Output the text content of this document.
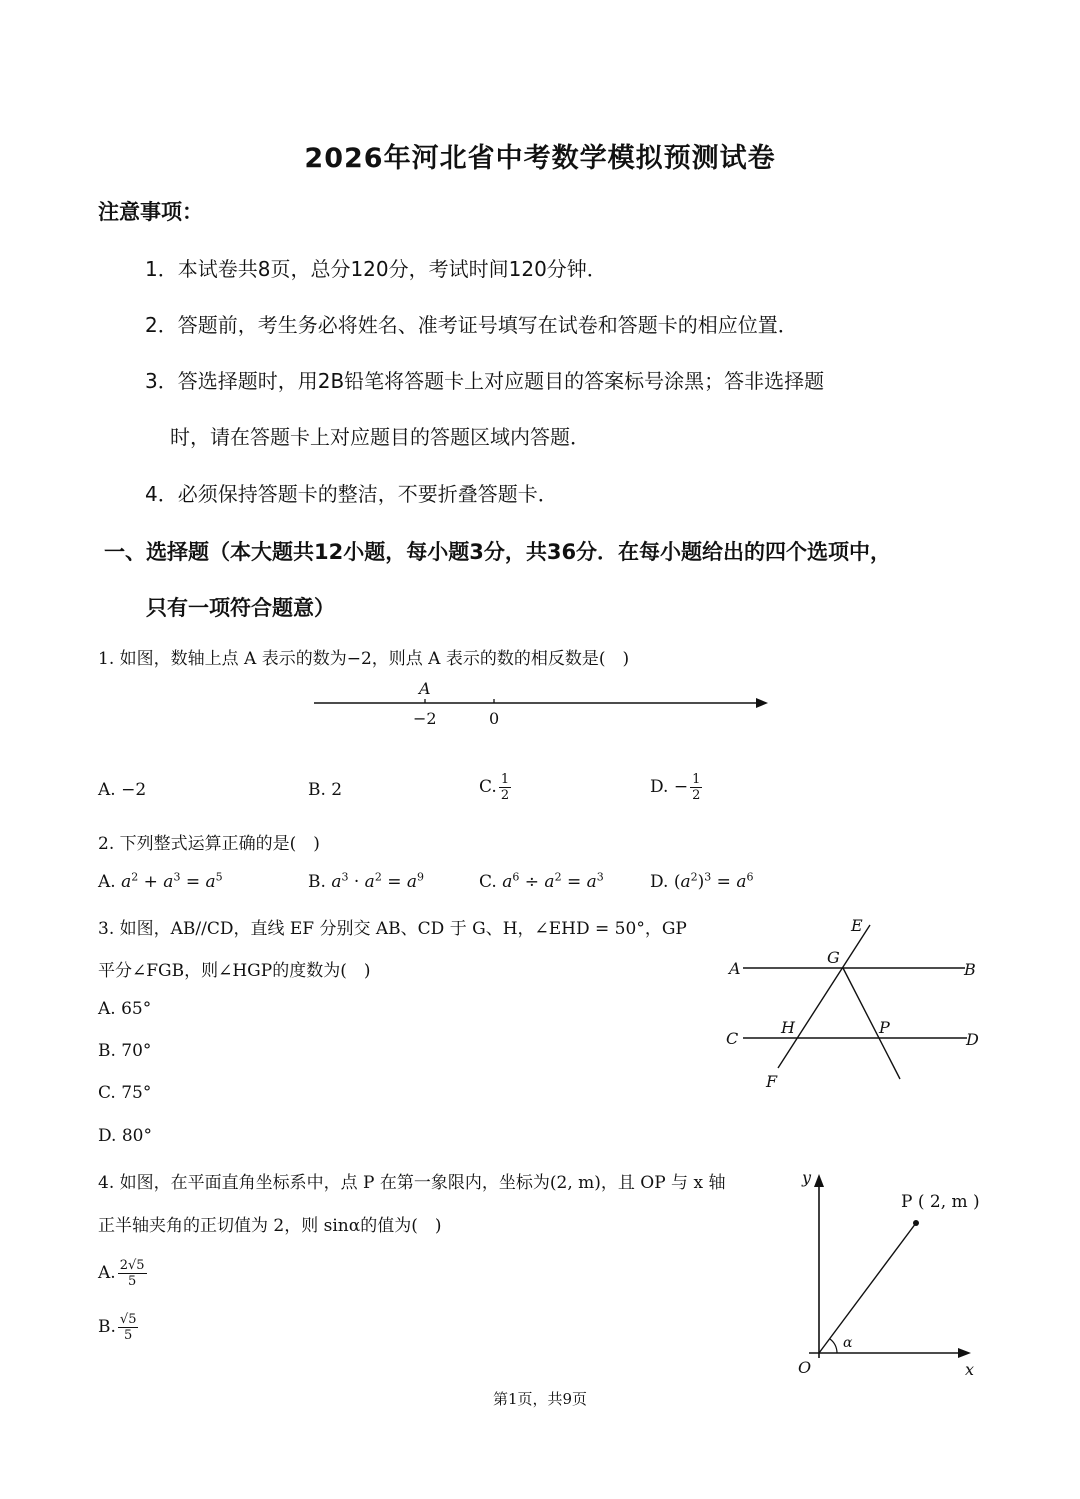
2026年河北省中考数学模拟预测试卷
注意事项：
1．本试卷共8页，总分120分，考试时间120分钟．
2．答题前，考生务必将姓名、准考证号填写在试卷和答题卡的相应位置．
3．答选择题时，用2B铅笔将答题卡上对应题目的答案标号涂黑；答非选择题
时，请在答题卡上对应题目的答题区域内答题．
4．必须保持答题卡的整洁，不要折叠答题卡．
一、选择题（本大题共12小题，每小题3分，共36分．在每小题给出的四个选项中，
只有一项符合题意）
1. 如图，数轴上点 A 表示的数为−2，则点 A 表示的数的相反数是(　)
A
−2	0
A. −2	B. 2	C. $\frac{1}{2}$	D. − $\frac{1}{2}$
2. 下列整式运算正确的是(　)
A. $a^2 + a^3 = a^5$	B. $a^3 \cdot a^2 = a^9$	C. $a^6 \div a^2 = a^3$	D. $(a^2)^3 = a^6$
3. 如图，AB//CD，直线 EF 分别交 AB、CD 于 G、H，∠EHD = 50°，GP
平分∠FGB，则∠HGP的度数为(　)
A. 65°
B. 70°
C. 75°
D. 80°
A	B
C	D
E
F
G
H	P
4. 如图，在平面直角坐标系中，点 P 在第一象限内，坐标为(2, m)，且 OP 与 x 轴
正半轴夹角的正切值为 2，则 sinα的值为(　)
A. $\frac{2√5}{5}$
B. $\frac{√5}{5}$
y
x
O
α
P ( 2, m )
第1页，共9页
